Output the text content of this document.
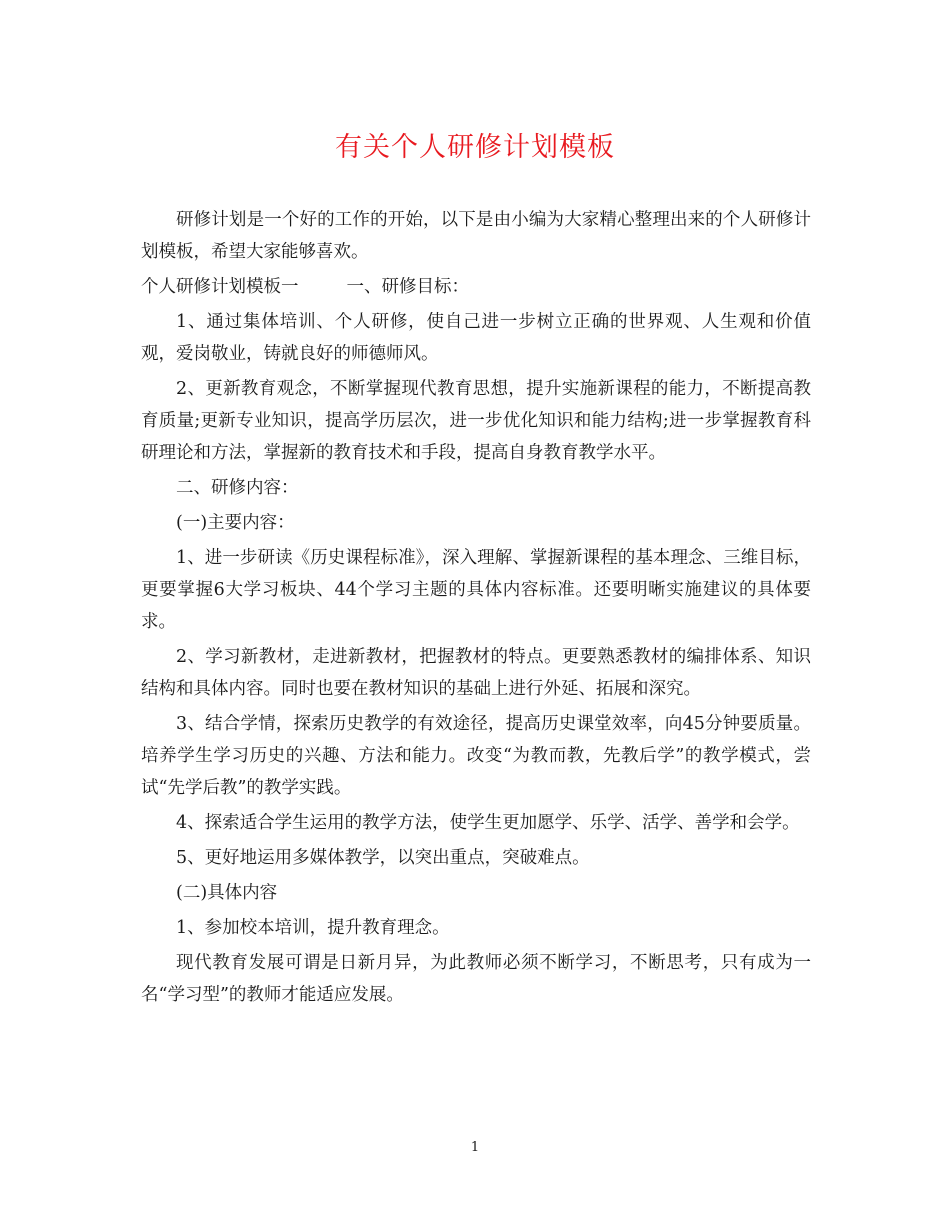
有关个人研修计划模板

研修计划是一个好的工作的开始，以下是由小编为大家精心整理出来的个人研修计划模板，希望大家能够喜欢。

个人研修计划模板一	一、研修目标：

1、通过集体培训、个人研修，使自己进一步树立正确的世界观、人生观和价值观，爱岗敬业，铸就良好的师德师风。

2、更新教育观念，不断掌握现代教育思想，提升实施新课程的能力，不断提高教育质量;更新专业知识，提高学历层次，进一步优化知识和能力结构;进一步掌握教育科研理论和方法，掌握新的教育技术和手段，提高自身教育教学水平。

二、研修内容：

(一)主要内容：

1、进一步研读《历史课程标准》，深入理解、掌握新课程的基本理念、三维目标，更要掌握6大学习板块、44个学习主题的具体内容标准。还要明晰实施建议的具体要求。

2、学习新教材，走进新教材，把握教材的特点。更要熟悉教材的编排体系、知识结构和具体内容。同时也要在教材知识的基础上进行外延、拓展和深究。

3、结合学情，探索历史教学的有效途径，提高历史课堂效率，向45分钟要质量。培养学生学习历史的兴趣、方法和能力。改变“为教而教，先教后学”的教学模式，尝试“先学后教”的教学实践。

4、探索适合学生运用的教学方法，使学生更加愿学、乐学、活学、善学和会学。

5、更好地运用多媒体教学，以突出重点，突破难点。

(二)具体内容

1、参加校本培训，提升教育理念。

现代教育发展可谓是日新月异，为此教师必须不断学习，不断思考，只有成为一名“学习型”的教师才能适应发展。

1
